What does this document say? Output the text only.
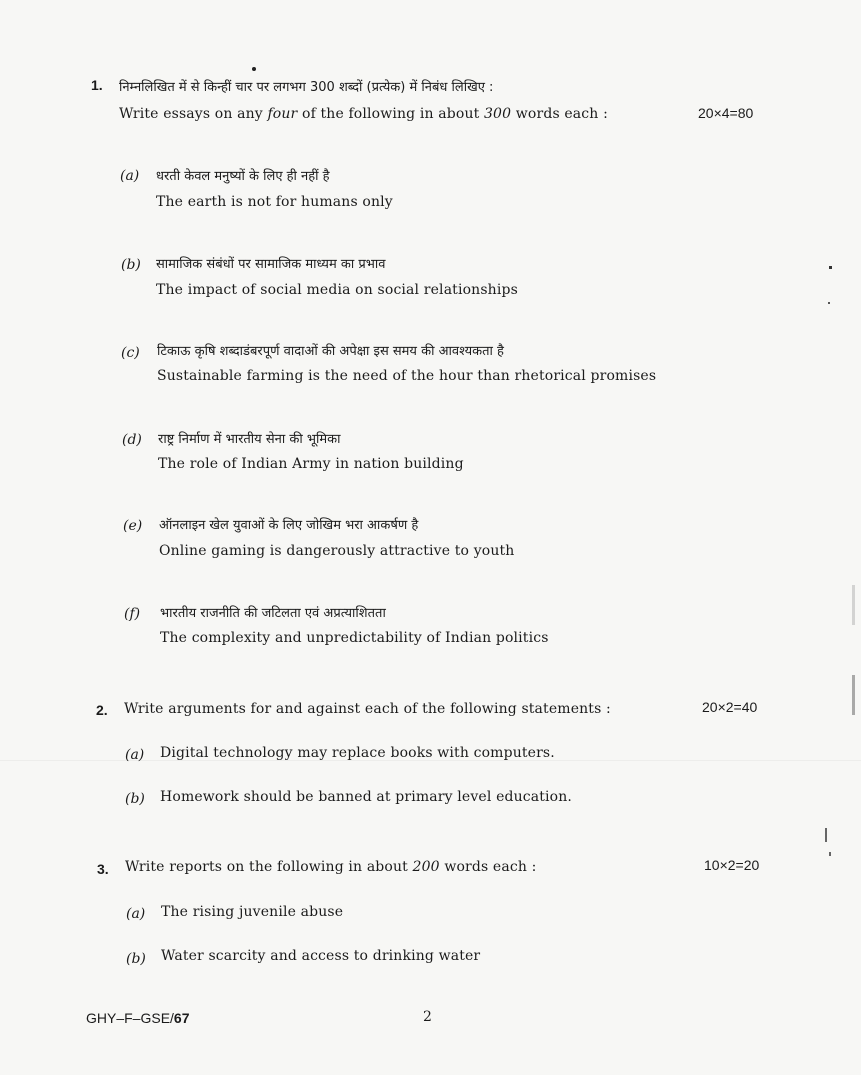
1. निम्नलिखित में से किन्हीं चार पर लगभग 300 शब्दों (प्रत्येक) में निबंध लिखिए :
Write essays on any four of the following in about 300 words each :	20×4=80
(a) धरती केवल मनुष्यों के लिए ही नहीं है
The earth is not for humans only
(b) सामाजिक संबंधों पर सामाजिक माध्यम का प्रभाव
The impact of social media on social relationships
(c) टिकाऊ कृषि शब्दाडंबरपूर्ण वादाओं की अपेक्षा इस समय की आवश्यकता है
Sustainable farming is the need of the hour than rhetorical promises
(d) राष्ट्र निर्माण में भारतीय सेना की भूमिका
The role of Indian Army in nation building
(e) ऑनलाइन खेल युवाओं के लिए जोखिम भरा आकर्षण है
Online gaming is dangerously attractive to youth
(f) भारतीय राजनीति की जटिलता एवं अप्रत्याशितता
The complexity and unpredictability of Indian politics
2. Write arguments for and against each of the following statements :	20×2=40
(a) Digital technology may replace books with computers.
(b) Homework should be banned at primary level education.
3. Write reports on the following in about 200 words each :	10×2=20
(a) The rising juvenile abuse
(b) Water scarcity and access to drinking water
GHY–F–GSE/67	2
